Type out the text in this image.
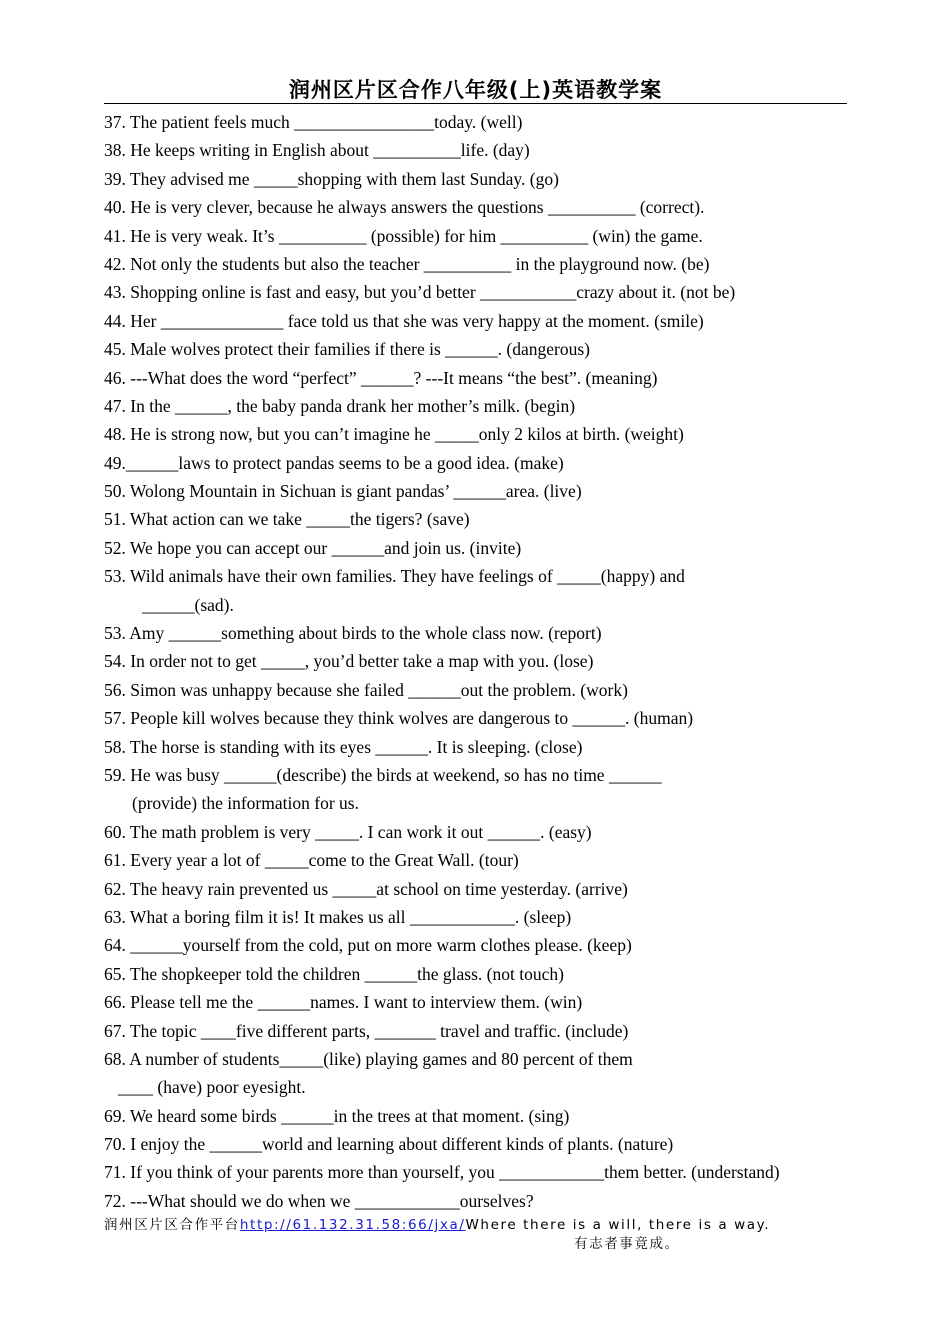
润州区片区合作八年级(上)英语教学案
37. The patient feels much ________________today. (well)
38. He keeps writing in English about __________life. (day)
39. They advised me _____shopping with them last Sunday. (go)
40. He is very clever, because he always answers the questions __________ (correct).
41. He is very weak. It’s __________ (possible) for him __________ (win) the game.
42. Not only the students but also the teacher __________ in the playground now. (be)
43. Shopping online is fast and easy, but you’d better ___________crazy about it. (not be)
44. Her ______________ face told us that she was very happy at the moment. (smile)
45. Male wolves protect their families if there is ______. (dangerous)
46. ---What does the word “perfect” ______? ---It means “the best”. (meaning)
47. In the ______, the baby panda drank her mother’s milk. (begin)
48. He is strong now, but you can’t imagine he _____only 2 kilos at birth. (weight)
49.______laws to protect pandas seems to be a good idea. (make)
50. Wolong Mountain in Sichuan is giant pandas’ ______area. (live)
51. What action can we take _____the tigers? (save)
52. We hope you can accept our ______and join us. (invite)
53. Wild animals have their own families. They have feelings of _____(happy) and
______(sad).
53. Amy ______something about birds to the whole class now. (report)
54. In order not to get _____, you’d better take a map with you. (lose)
56. Simon was unhappy because she failed ______out the problem. (work)
57. People kill wolves because they think wolves are dangerous to ______. (human)
58. The horse is standing with its eyes ______. It is sleeping. (close)
59. He was busy ______(describe) the birds at weekend, so has no time ______
(provide) the information for us.
60. The math problem is very _____. I can work it out ______. (easy)
61. Every year a lot of _____come to the Great Wall. (tour)
62. The heavy rain prevented us _____at school on time yesterday. (arrive)
63. What a boring film it is! It makes us all ____________. (sleep)
64. ______yourself from the cold, put on more warm clothes please. (keep)
65. The shopkeeper told the children ______the glass. (not touch)
66. Please tell me the ______names. I want to interview them. (win)
67. The topic ____five different parts, _______ travel and traffic. (include)
68. A number of students_____(like) playing games and 80 percent of them
____ (have) poor eyesight.
69. We heard some birds ______in the trees at that moment. (sing)
70. I enjoy the ______world and learning about different kinds of plants. (nature)
71. If you think of your parents more than yourself, you ____________them better. (understand)
72. ---What should we do when we ____________ourselves?
润州区片区合作平台http://61.132.31.58:66/jxa/Where there is a will, there is a way.
有志者事竟成。
